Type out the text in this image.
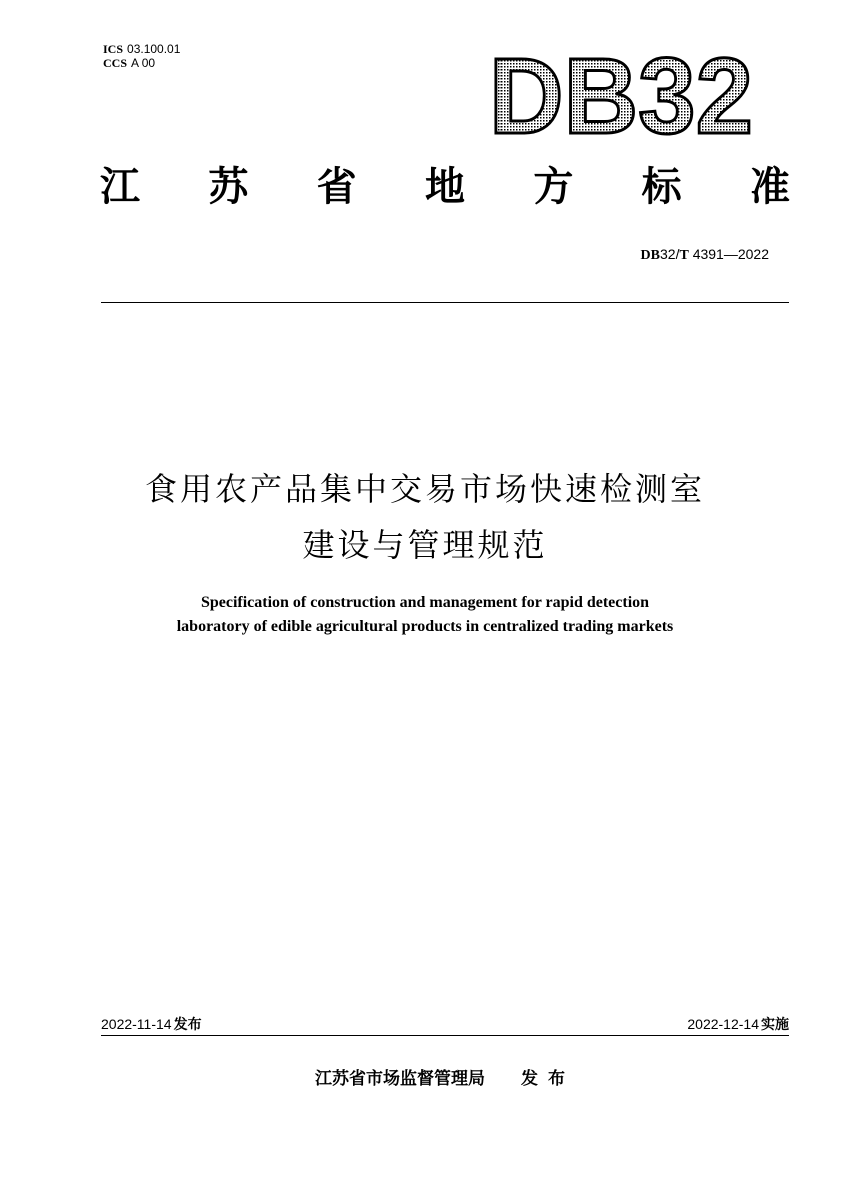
ICS 03.100.01
CCS A 00	DB32
江 苏 省 地 方 标 准
DB32/T 4391—2022
食用农产品集中交易市场快速检测室
建设与管理规范
Specification of construction and management for rapid detection
laboratory of edible agricultural products in centralized trading markets
2022-11-14 发布	2022-12-14 实施
江苏省市场监督管理局 发布
